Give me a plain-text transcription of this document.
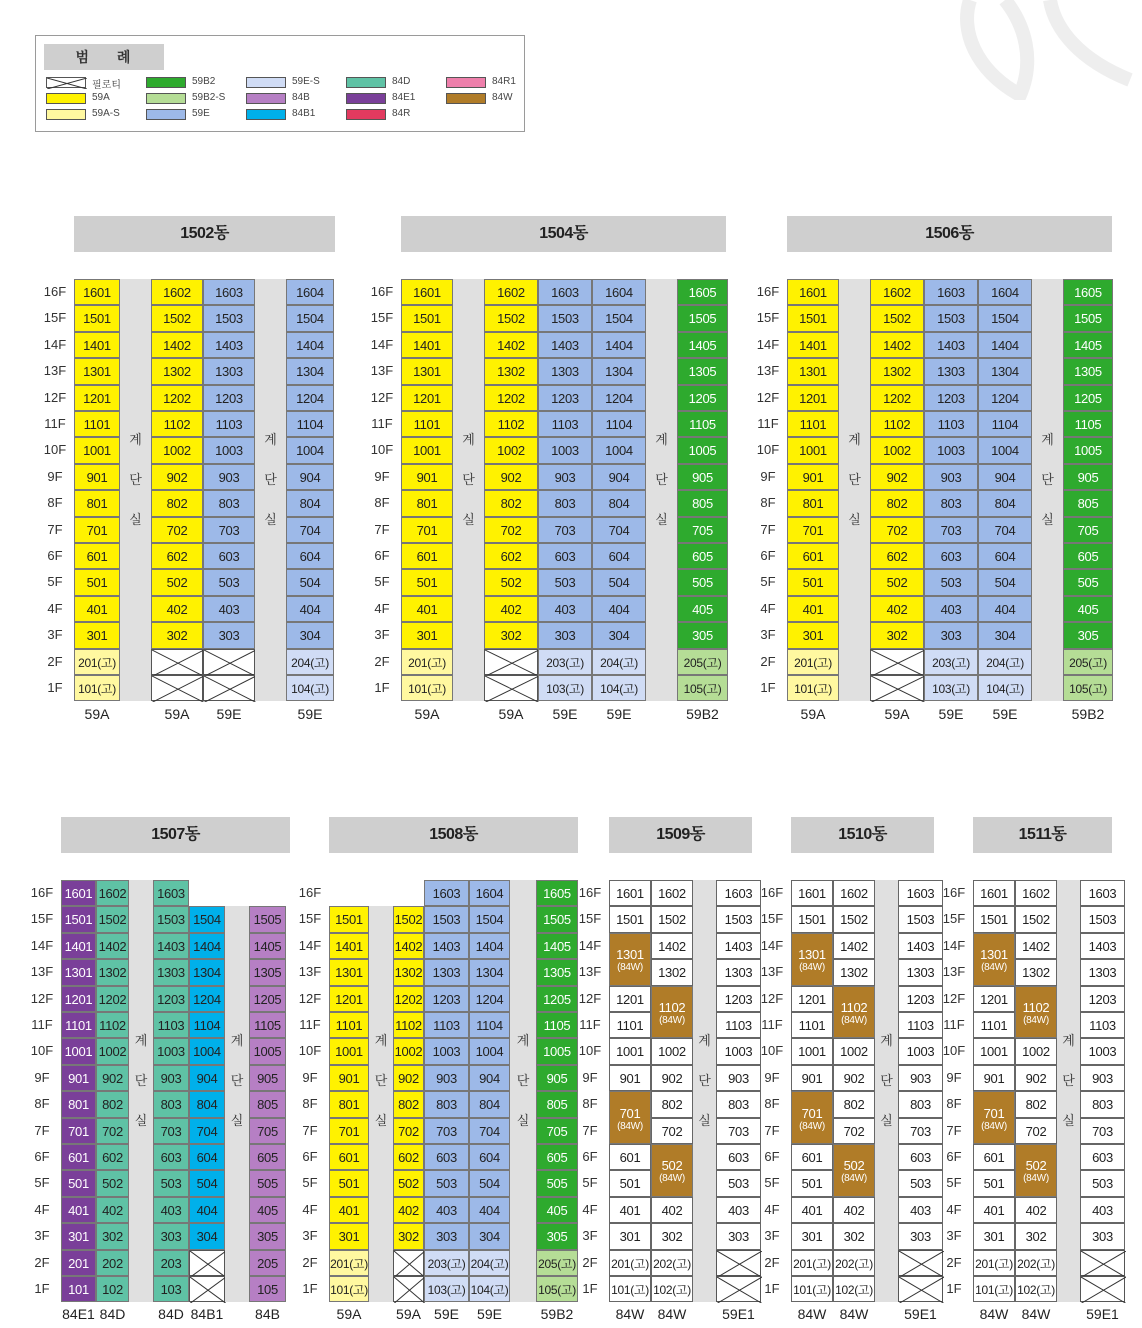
범 례
필로티
59A
59A-S
59B2
59B2-S
59E
59E-S
84B
84B1
84D
84E1
84R
84R1
84W
1502동
16F
15F
14F
13F
12F
11F
10F
9F
8F
7F
6F
5F
4F
3F
2F
1F
1601
1501
1401
1301
1201
1101
1001
901
801
701
601
501
401
301
201(고)
101(고)
59A
계
단
실
1602
1502
1402
1302
1202
1102
1002
902
802
702
602
502
402
302
59A
1603
1503
1403
1303
1203
1103
1003
903
803
703
603
503
403
303
59E
계
단
실
1604
1504
1404
1304
1204
1104
1004
904
804
704
604
504
404
304
204(고)
104(고)
59E
1504동
16F
15F
14F
13F
12F
11F
10F
9F
8F
7F
6F
5F
4F
3F
2F
1F
1601
1501
1401
1301
1201
1101
1001
901
801
701
601
501
401
301
201(고)
101(고)
59A
계
단
실
1602
1502
1402
1302
1202
1102
1002
902
802
702
602
502
402
302
59A
1603
1503
1403
1303
1203
1103
1003
903
803
703
603
503
403
303
203(고)
103(고)
59E
1604
1504
1404
1304
1204
1104
1004
904
804
704
604
504
404
304
204(고)
104(고)
59E
계
단
실
1605
1505
1405
1305
1205
1105
1005
905
805
705
605
505
405
305
205(고)
105(고)
59B2
1506동
16F
15F
14F
13F
12F
11F
10F
9F
8F
7F
6F
5F
4F
3F
2F
1F
1601
1501
1401
1301
1201
1101
1001
901
801
701
601
501
401
301
201(고)
101(고)
59A
계
단
실
1602
1502
1402
1302
1202
1102
1002
902
802
702
602
502
402
302
59A
1603
1503
1403
1303
1203
1103
1003
903
803
703
603
503
403
303
203(고)
103(고)
59E
1604
1504
1404
1304
1204
1104
1004
904
804
704
604
504
404
304
204(고)
104(고)
59E
계
단
실
1605
1505
1405
1305
1205
1105
1005
905
805
705
605
505
405
305
205(고)
105(고)
59B2
1507동
16F
15F
14F
13F
12F
11F
10F
9F
8F
7F
6F
5F
4F
3F
2F
1F
1601
1501
1401
1301
1201
1101
1001
901
801
701
601
501
401
301
201
101
84E1
1602
1502
1402
1302
1202
1102
1002
902
802
702
602
502
402
302
202
102
84D
계
단
실
1603
1503
1403
1303
1203
1103
1003
903
803
703
603
503
403
303
203
103
84D
1504
1404
1304
1204
1104
1004
904
804
704
604
504
404
304
84B1
계
단
실
1505
1405
1305
1205
1105
1005
905
805
705
605
505
405
305
205
105
84B
1508동
16F
15F
14F
13F
12F
11F
10F
9F
8F
7F
6F
5F
4F
3F
2F
1F
1501
1401
1301
1201
1101
1001
901
801
701
601
501
401
301
201(고)
101(고)
59A
계
단
실
1502
1402
1302
1202
1102
1002
902
802
702
602
502
402
302
59A
1603
1503
1403
1303
1203
1103
1003
903
803
703
603
503
403
303
203(고)
103(고)
59E
1604
1504
1404
1304
1204
1104
1004
904
804
704
604
504
404
304
204(고)
104(고)
59E
계
단
실
1605
1505
1405
1305
1205
1105
1005
905
805
705
605
505
405
305
205(고)
105(고)
59B2
1509동
16F
15F
14F
13F
12F
11F
10F
9F
8F
7F
6F
5F
4F
3F
2F
1F
1601
1501
1301
(84W)
1201
1101
1001
901
701
(84W)
601
501
401
301
201(고)
101(고)
84W
1602
1502
1402
1302
1102
(84W)
1002
902
802
702
502
(84W)
402
302
202(고)
102(고)
84W
계
단
실
1603
1503
1403
1303
1203
1103
1003
903
803
703
603
503
403
303
59E1
1510동
16F
15F
14F
13F
12F
11F
10F
9F
8F
7F
6F
5F
4F
3F
2F
1F
1601
1501
1301
(84W)
1201
1101
1001
901
701
(84W)
601
501
401
301
201(고)
101(고)
84W
1602
1502
1402
1302
1102
(84W)
1002
902
802
702
502
(84W)
402
302
202(고)
102(고)
84W
계
단
실
1603
1503
1403
1303
1203
1103
1003
903
803
703
603
503
403
303
59E1
1511동
16F
15F
14F
13F
12F
11F
10F
9F
8F
7F
6F
5F
4F
3F
2F
1F
1601
1501
1301
(84W)
1201
1101
1001
901
701
(84W)
601
501
401
301
201(고)
101(고)
84W
1602
1502
1402
1302
1102
(84W)
1002
902
802
702
502
(84W)
402
302
202(고)
102(고)
84W
계
단
실
1603
1503
1403
1303
1203
1103
1003
903
803
703
603
503
403
303
59E1
